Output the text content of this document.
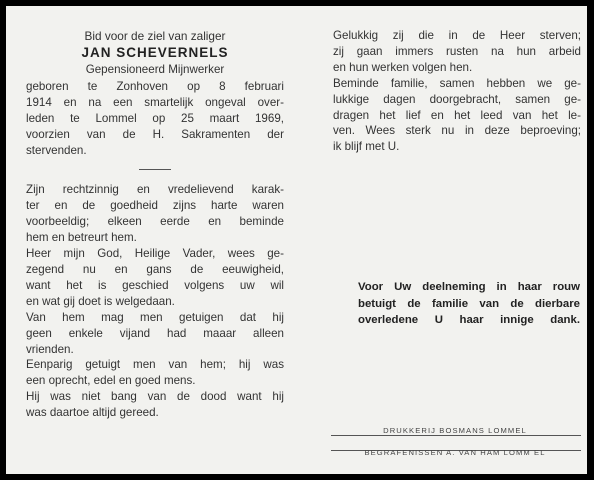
Bid voor de ziel van zaliger
JAN SCHEVERNELS
Gepensioneerd Mijnwerker
geboren te Zonhoven op 8 februari
1914 en na een smartelijk ongeval over-
leden te Lommel op 25 maart 1969,
voorzien van de H. Sakramenten der
stervenden.
Zijn rechtzinnig en vredelievend karak-
ter en de goedheid zijns harte waren
voorbeeldig; elkeen eerde en beminde
hem en betreurt hem.
Heer mijn God, Heilige Vader, wees ge-
zegend nu en gans de eeuwigheid,
want het is geschied volgens uw wil
en wat gij doet is welgedaan.
Van hem mag men getuigen dat hij
geen enkele vijand had maaar alleen
vrienden.
Eenparig getuigt men van hem; hij was
een oprecht, edel en goed mens.
Hij was niet bang van de dood want hij
was daartoe altijd gereed.
Gelukkig zij die in de Heer sterven;
zij gaan immers rusten na hun arbeid
en hun werken volgen hen.
Beminde familie, samen hebben we ge-
lukkige dagen doorgebracht, samen ge-
dragen het lief en het leed van het le-
ven. Wees sterk nu in deze beproeving;
ik blijf met U.
Voor Uw deelneming in haar rouw
betuigt de familie van de dierbare
overledene U haar innige dank.
DRUKKERIJ BOSMANS LOMMEL
BEGRAFENISSEN A. VAN HAM LOMM EL
